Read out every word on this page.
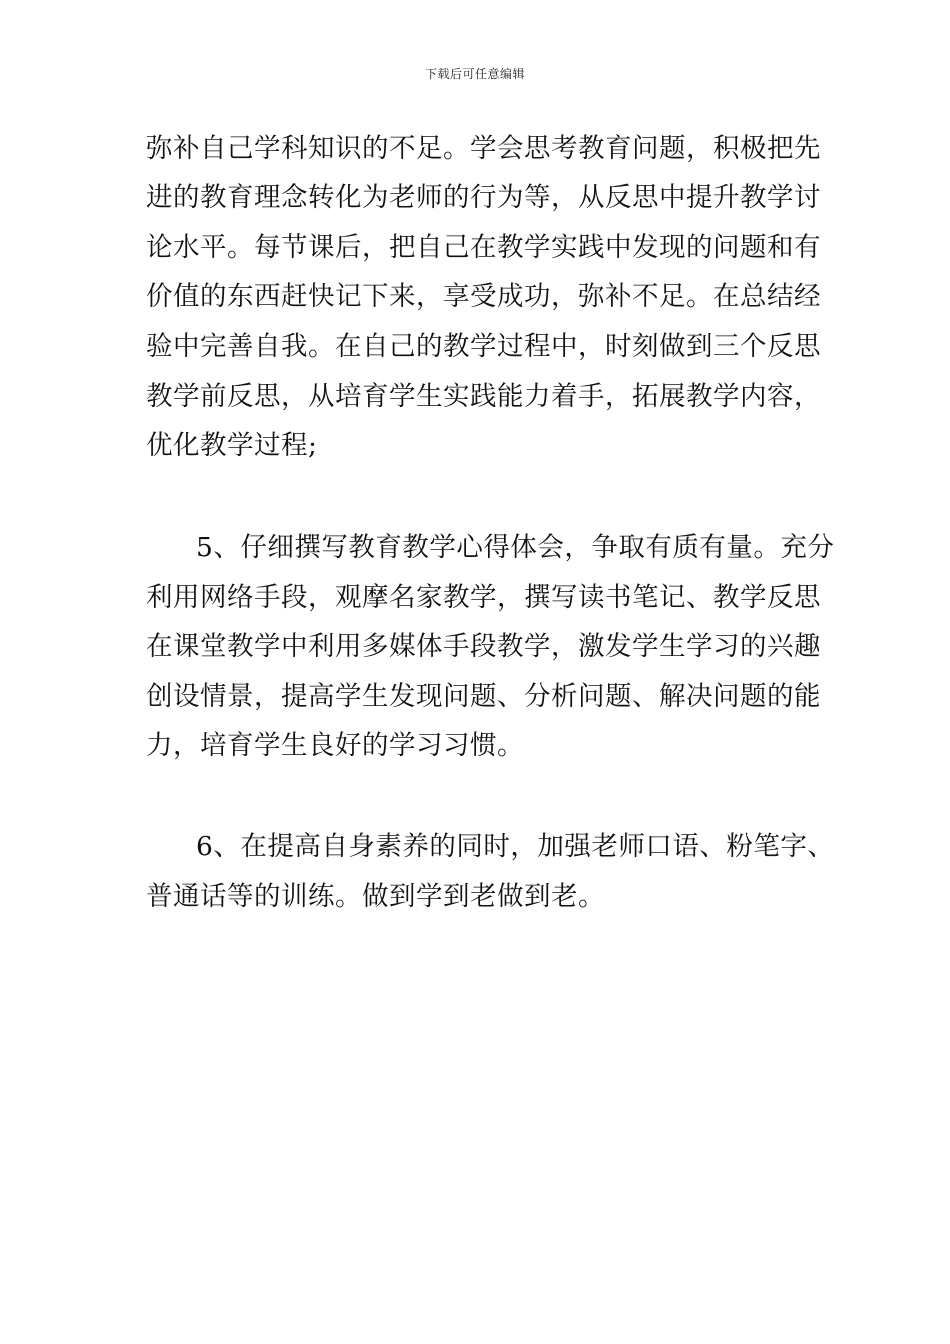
下载后可任意编辑
弥补自己学科知识的不足。学会思考教育问题，积极把先
进的教育理念转化为老师的行为等，从反思中提升教学讨
论水平。每节课后，把自己在教学实践中发现的问题和有
价值的东西赶快记下来，享受成功，弥补不足。在总结经
验中完善自我。在自己的教学过程中，时刻做到三个反思
教学前反思，从培育学生实践能力着手，拓展教学内容，
优化教学过程;
5、仔细撰写教育教学心得体会，争取有质有量。充分
利用网络手段，观摩名家教学，撰写读书笔记、教学反思
在课堂教学中利用多媒体手段教学，激发学生学习的兴趣
创设情景，提高学生发现问题、分析问题、解决问题的能
力，培育学生良好的学习习惯。
6、在提高自身素养的同时，加强老师口语、粉笔字、
普通话等的训练。做到学到老做到老。
